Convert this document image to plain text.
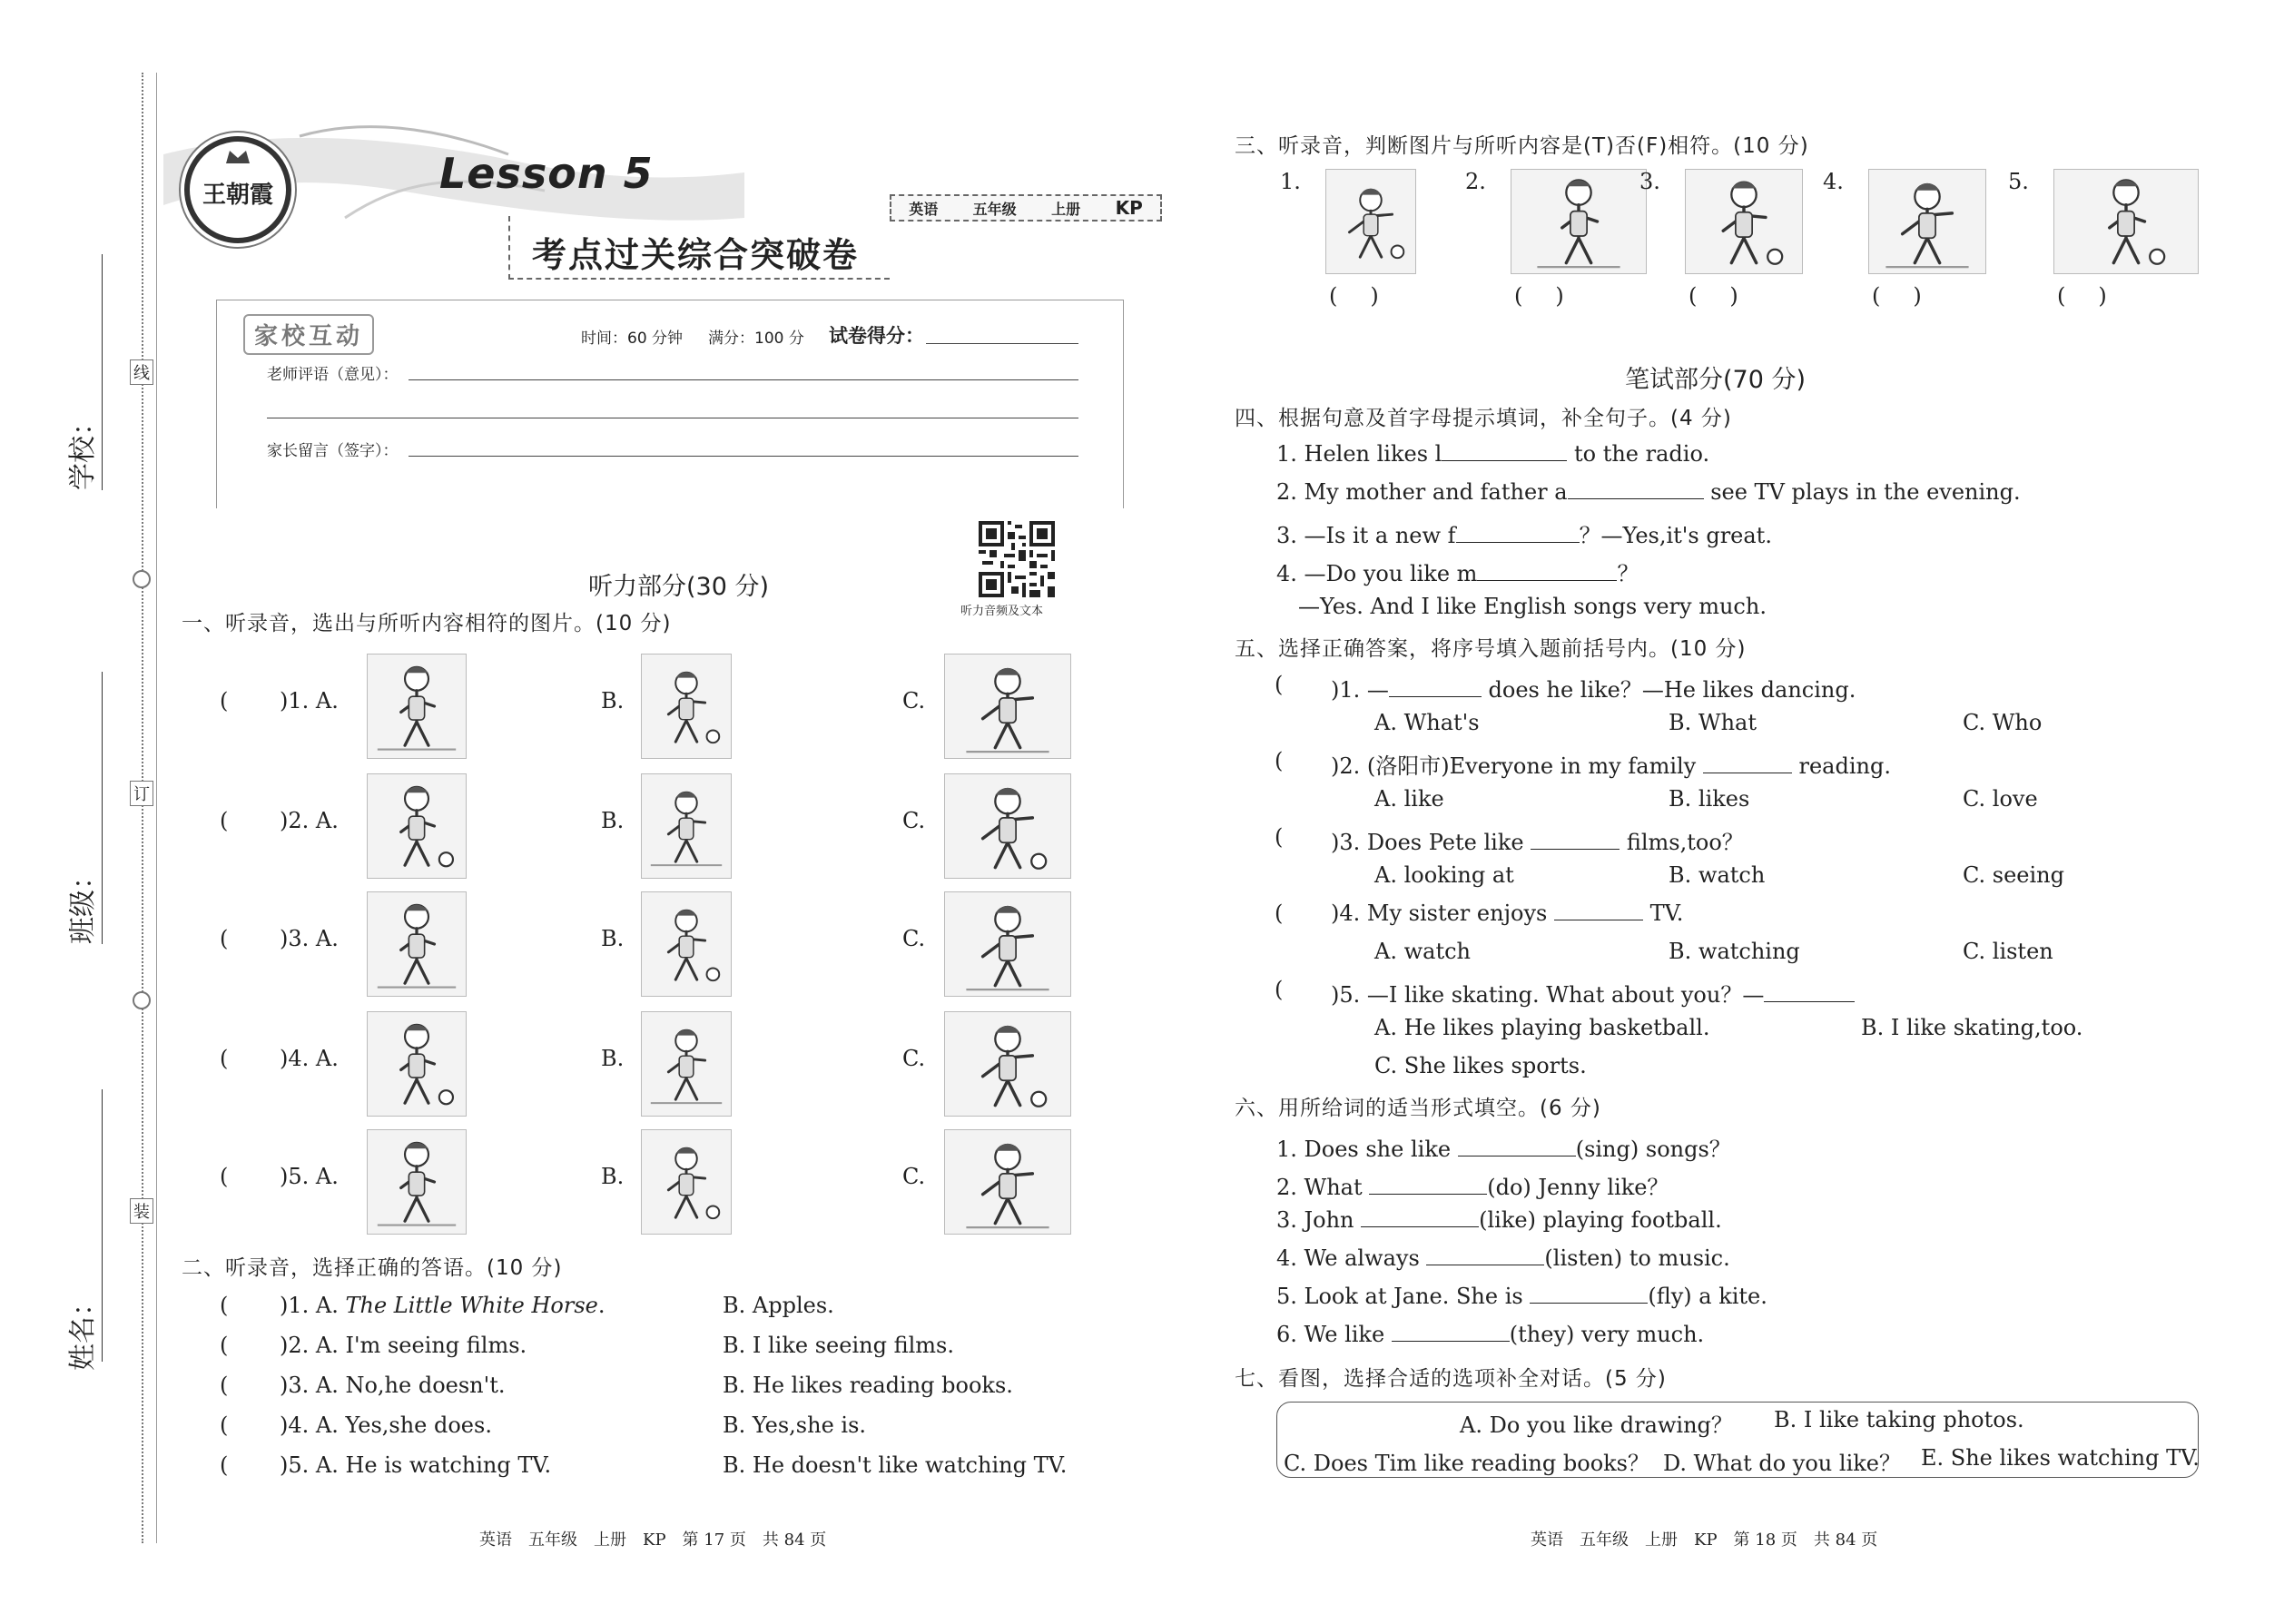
线
订
装
学校：
班级：
姓名：
王朝霞	Lesson 5
考点过关综合突破卷
英语 五年级 上册 KP
家校互动	时间：60 分钟 满分：100 分 试卷得分：
老师评语（意见）：
家长留言（签字）：
听力音频及文本
听力部分(30 分)
一、听录音，选出与所听内容相符的图片。(10 分)
( )1. A.	B.	C.
( )2. A.	B.	C.
( )3. A.	B.	C.
( )4. A.	B.	C.
( )5. A.	B.	C.
二、听录音，选择正确的答语。(10 分)
( )1. A. The Little White Horse.	B. Apples.
( )2. A. I'm seeing films.	B. I like seeing films.
( )3. A. No,he doesn't.	B. He likes reading books.
( )4. A. Yes,she does.	B. Yes,she is.
( )5. A. He is watching TV.	B. He doesn't like watching TV.
三、听录音，判断图片与所听内容是(T)否(F)相符。(10 分)
1.
()
2.
()
3.
()
4.
()
5.
()
笔试部分(70 分)
四、根据句意及首字母提示填词，补全句子。(4 分)
1. Helen likes l	to the radio.
2. My mother and father a	see TV plays in the evening.
3. —Is it a new f	？—Yes,it's great.
4. —Do you like m	？
—Yes. And I like English songs very much.
五、选择正确答案，将序号填入题前括号内。(10 分)
( )1. —	does he like？—He likes dancing.
A. What's	B. What	C. Who
( )2. (洛阳市)Everyone in my family	reading.
A. like	B. likes	C. love
( )3. Does Pete like	films,too？
A. looking at	B. watch	C. seeing
( )4. My sister enjoys	TV.
A. watch	B. watching	C. listen
( )5. —I like skating. What about you？—
A. He likes playing basketball.	B. I like skating,too.
C. She likes sports.
六、用所给词的适当形式填空。(6 分)
1. Does she like	(sing) songs？
2. What	(do) Jenny like？
3. John	(like) playing football.
4. We always	(listen) to music.
5. Look at Jane. She is	(fly) a kite.
6. We like	(they) very much.
七、看图，选择合适的选项补全对话。(5 分)
A. Do you like drawing？ B. I like taking photos.
C. Does Tim like reading books？ D. What do you like？ E. She likes watching TV.
英语　五年级　上册　KP　第 17 页　共 84 页	英语　五年级　上册　KP　第 18 页　共 84 页
